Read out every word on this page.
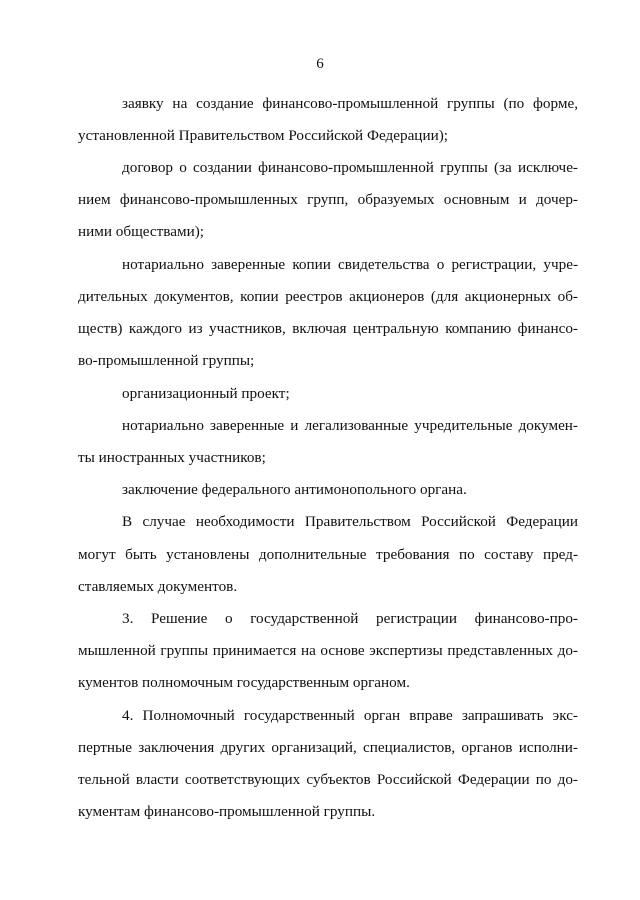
6
заявку на создание финансово-промышленной группы (по форме,
установленной Правительством Российской Федерации);
договор о создании финансово-промышленной группы (за исключе-
нием финансово-промышленных групп, образуемых основным и дочер-
ними обществами);
нотариально заверенные копии свидетельства о регистрации, учре-
дительных документов, копии реестров акционеров (для акционерных об-
ществ) каждого из участников, включая центральную компанию финансо-
во-промышленной группы;
организационный проект;
нотариально заверенные и легализованные учредительные докумен-
ты иностранных участников;
заключение федерального антимонопольного органа.
В случае необходимости Правительством Российской Федерации
могут быть установлены дополнительные требования по составу пред-
ставляемых документов.
3. Решение о государственной регистрации финансово-про-
мышленной группы принимается на основе экспертизы представленных до-
кументов полномочным государственным органом.
4. Полномочный государственный орган вправе запрашивать экс-
пертные заключения других организаций, специалистов, органов исполни-
тельной власти соответствующих субъектов Российской Федерации по до-
кументам финансово-промышленной группы.
